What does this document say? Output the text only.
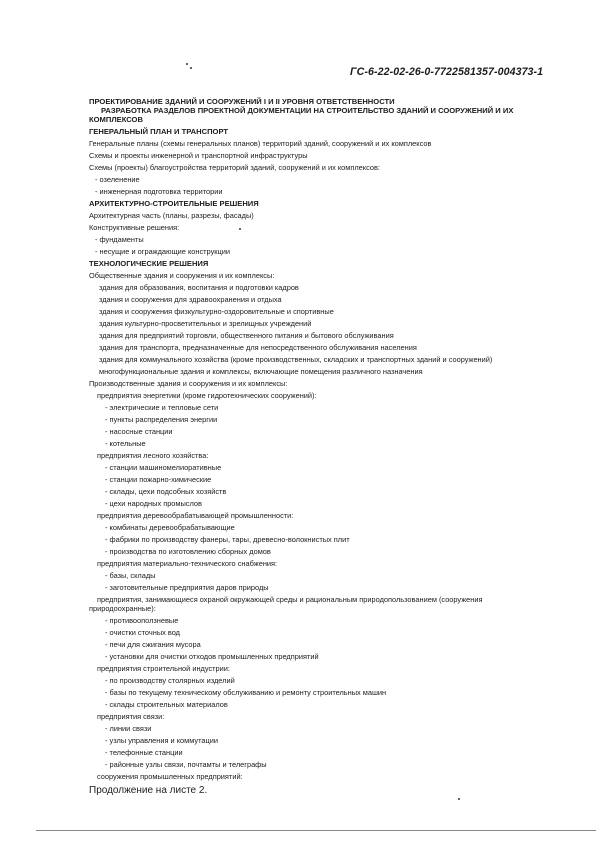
ГС-6-22-02-26-0-7722581357-004373-1
ПРОЕКТИРОВАНИЕ ЗДАНИЙ И СООРУЖЕНИЙ I И II УРОВНЯ ОТВЕТСТВЕННОСТИ
РАЗРАБОТКА РАЗДЕЛОВ ПРОЕКТНОЙ ДОКУМЕНТАЦИИ НА СТРОИТЕЛЬСТВО ЗДАНИЙ И СООРУЖЕНИЙ И ИХ
КОМПЛЕКСОВ
ГЕНЕРАЛЬНЫЙ ПЛАН И ТРАНСПОРТ
Генеральные планы (схемы генеральных планов) территорий зданий, сооружений и их комплексов
Схемы и проекты инженерной и транспортной инфраструктуры
Схемы (проекты) благоустройства территорий зданий, сооружений и их комплексов:
- озеленение
- инженерная подготовка территории
АРХИТЕКТУРНО-СТРОИТЕЛЬНЫЕ РЕШЕНИЯ
Архитектурная часть (планы, разрезы, фасады)
Конструктивные решения:
- фундаменты
- несущие и ограждающие конструкции
ТЕХНОЛОГИЧЕСКИЕ РЕШЕНИЯ
Общественные здания и сооружения и их комплексы:
здания для образования, воспитания и подготовки кадров
здания и сооружения для здравоохранения и отдыха
здания и сооружения физкультурно-оздоровительные и спортивные
здания культурно-просветительных и зрелищных учреждений
здания для предприятий торговли, общественного питания и бытового обслуживания
здания для транспорта, предназначенные для непосредственного обслуживания населения
здания для коммунального хозяйства (кроме производственных, складских и транспортных зданий и сооружений)
многофункциональные здания и комплексы, включающие помещения различного назначения
Производственные здания и сооружения и их комплексы:
предприятия энергетики (кроме гидротехнических сооружений):
- электрические и тепловые сети
- пункты распределения энергии
- насосные станции
- котельные
предприятия лесного хозяйства:
- станции машиномелиоративные
- станции пожарно-химические
- склады, цехи подсобных хозяйств
- цехи народных промыслов
предприятия деревообрабатывающей промышленности:
- комбинаты деревообрабатывающие
- фабрики по производству фанеры, тары, древесно-волокнистых плит
- производства по изготовлению сборных домов
предприятия материально-технического снабжения:
- базы, склады
- заготовительные предприятия даров природы
предприятия, занимающиеся охраной окружающей среды и рациональным природопользованием (сооружения
природоохранные):
- противооползневые
- очистки сточных вод
- печи для сжигания мусора
- установки для очистки отходов промышленных предприятий
предприятия строительной индустрии:
- по производству столярных изделий
- базы по текущему техническому обслуживанию и ремонту строительных машин
- склады строительных материалов
предприятия связи:
- линии связи
- узлы управления и коммутации
- телефонные станции
- районные узлы связи, почтамты и телеграфы
сооружения промышленных предприятий:
Продолжение на листе 2.
